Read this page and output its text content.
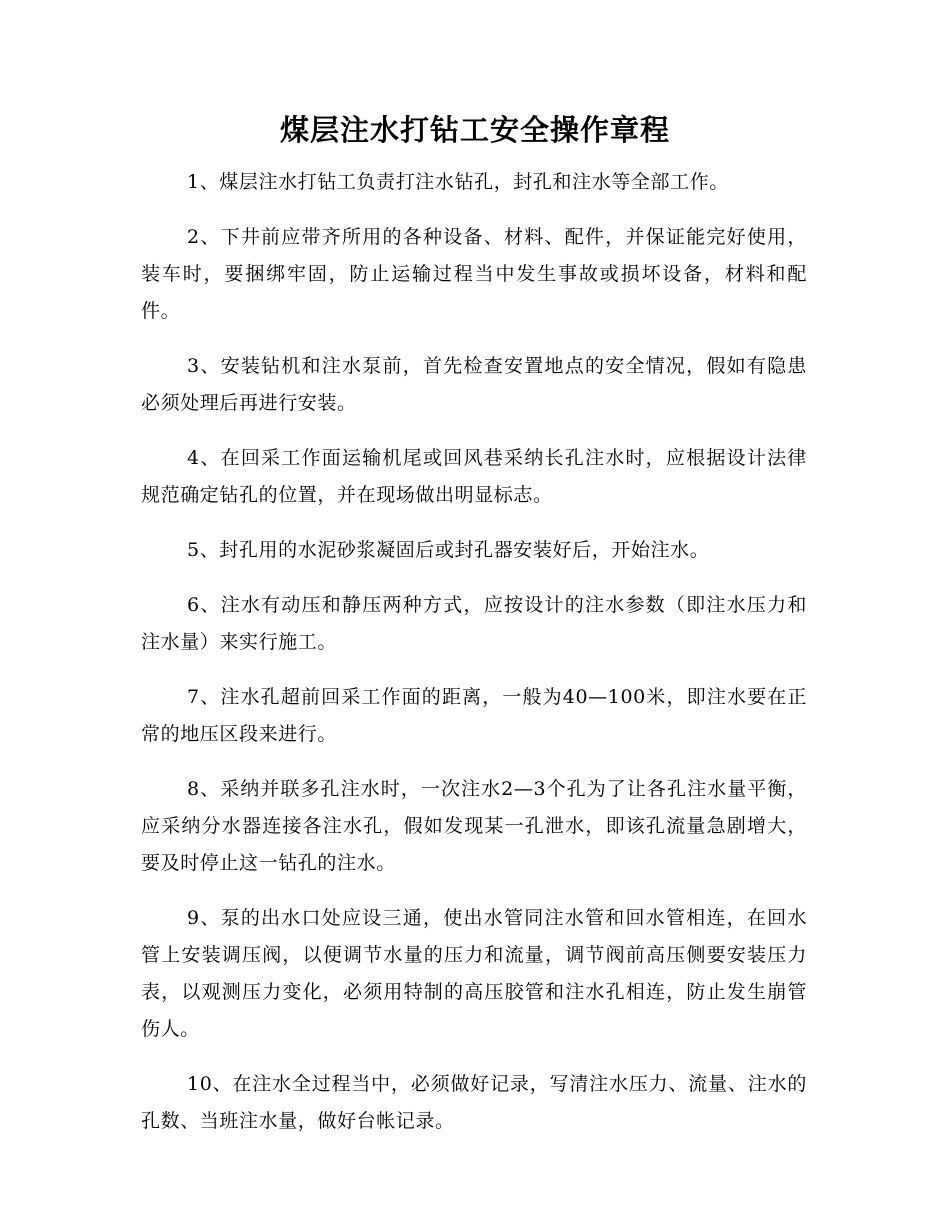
煤层注水打钻工安全操作章程

1、煤层注水打钻工负责打注水钻孔，封孔和注水等全部工作。

2、下井前应带齐所用的各种设备、材料、配件，并保证能完好使用，装车时，要捆绑牢固，防止运输过程当中发生事故或损坏设备，材料和配件。

3、安装钻机和注水泵前，首先检查安置地点的安全情况，假如有隐患必须处理后再进行安装。

4、在回采工作面运输机尾或回风巷采纳长孔注水时，应根据设计法律规范确定钻孔的位置，并在现场做出明显标志。

5、封孔用的水泥砂浆凝固后或封孔器安装好后，开始注水。

6、注水有动压和静压两种方式，应按设计的注水参数（即注水压力和注水量）来实行施工。

7、注水孔超前回采工作面的距离，一般为40—100米，即注水要在正常的地压区段来进行。

8、采纳并联多孔注水时，一次注水2—3个孔为了让各孔注水量平衡，应采纳分水器连接各注水孔，假如发现某一孔泄水，即该孔流量急剧增大，要及时停止这一钻孔的注水。

9、泵的出水口处应设三通，使出水管同注水管和回水管相连，在回水管上安装调压阀，以便调节水量的压力和流量，调节阀前高压侧要安装压力表，以观测压力变化，必须用特制的高压胶管和注水孔相连，防止发生崩管伤人。

10、在注水全过程当中，必须做好记录，写清注水压力、流量、注水的孔数、当班注水量，做好台帐记录。
